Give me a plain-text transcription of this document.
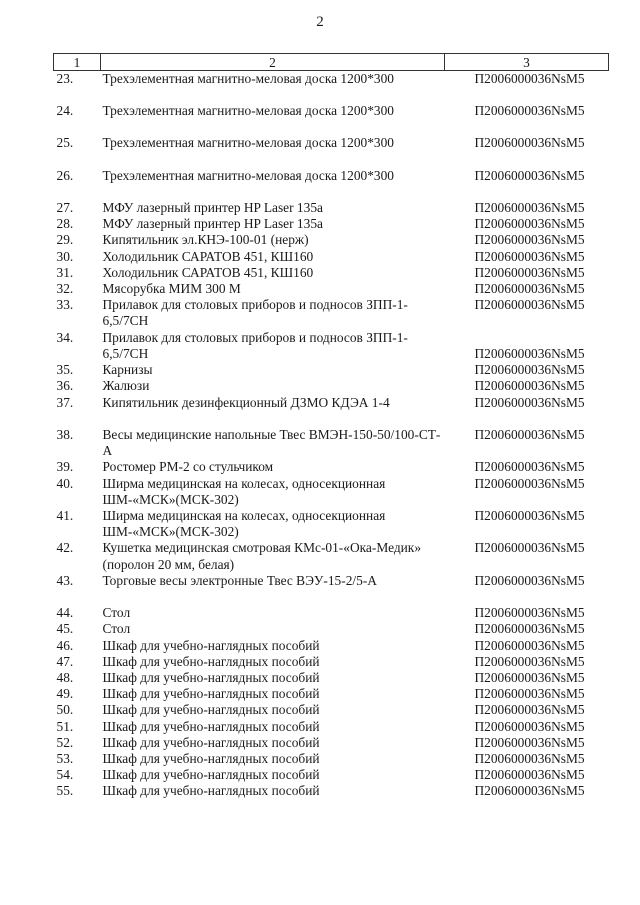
2
1	2	3
23.	Трехэлементная магнитно-меловая доска 1200*300	П2006000036NsM5
24.	Трехэлементная магнитно-меловая доска 1200*300	П2006000036NsM5
25.	Трехэлементная магнитно-меловая доска 1200*300	П2006000036NsM5
26.	Трехэлементная магнитно-меловая доска 1200*300	П2006000036NsM5
27.	МФУ лазерный принтер HP Laser 135a	П2006000036NsM5
28.	МФУ лазерный принтер HP Laser 135a	П2006000036NsM5
29.	Кипятильник эл.КНЭ-100-01 (нерж)	П2006000036NsM5
30.	Холодильник САРАТОВ 451, КШ160	П2006000036NsM5
31.	Холодильник САРАТОВ 451, КШ160	П2006000036NsM5
32.	Мясорубка МИМ 300 М	П2006000036NsM5
33.	Прилавок для столовых приборов и подносов ЗПП-1-6,5/7СН	П2006000036NsM5
34.	Прилавок для столовых приборов и подносов ЗПП-1-6,5/7СН	П2006000036NsM5
35.	Карнизы	П2006000036NsM5
36.	Жалюзи	П2006000036NsM5
37.	Кипятильник дезинфекционный ДЗМО КДЭА 1-4	П2006000036NsM5
38.	Весы медицинские напольные Твес ВМЭН-150-50/100-СТ-А	П2006000036NsM5
39.	Ростомер РМ-2 со стульчиком	П2006000036NsM5
40.	Ширма медицинская на колесах, односекционная ШМ-«МСК»(МСК-302)	П2006000036NsM5
41.	Ширма медицинская на колесах, односекционная ШМ-«МСК»(МСК-302)	П2006000036NsM5
42.	Кушетка медицинская смотровая КМс-01-«Ока-Медик» (поролон 20 мм, белая)	П2006000036NsM5
43.	Торговые весы электронные Твес ВЭУ-15-2/5-А	П2006000036NsM5
44.	Стол	П2006000036NsM5
45.	Стол	П2006000036NsM5
46.	Шкаф для учебно-наглядных пособий	П2006000036NsM5
47.	Шкаф для учебно-наглядных пособий	П2006000036NsM5
48.	Шкаф для учебно-наглядных пособий	П2006000036NsM5
49.	Шкаф для учебно-наглядных пособий	П2006000036NsM5
50.	Шкаф для учебно-наглядных пособий	П2006000036NsM5
51.	Шкаф для учебно-наглядных пособий	П2006000036NsM5
52.	Шкаф для учебно-наглядных пособий	П2006000036NsM5
53.	Шкаф для учебно-наглядных пособий	П2006000036NsM5
54.	Шкаф для учебно-наглядных пособий	П2006000036NsM5
55.	Шкаф для учебно-наглядных пособий	П2006000036NsM5
